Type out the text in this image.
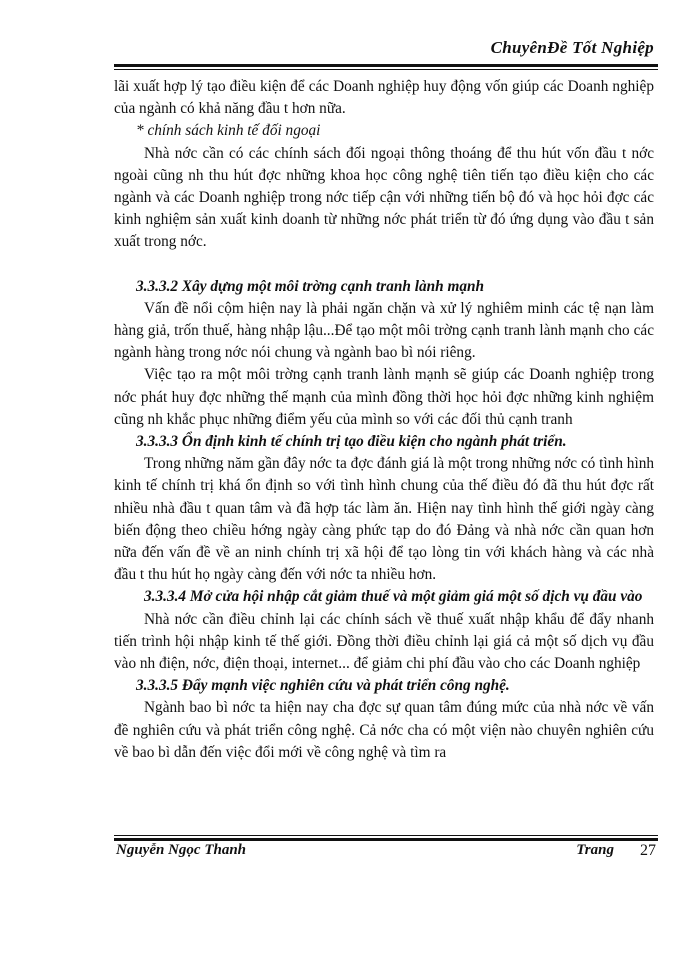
ChuyênĐề Tốt Nghiệp

lãi xuất hợp lý tạo điều kiện để các Doanh nghiệp huy động vốn giúp các Doanh nghiệp của ngành có khả năng đầu t hơn nữa.

* chính sách kinh tế đối ngoại

Nhà nớc cần có các chính sách đối ngoại thông thoáng để thu hút vốn đầu t nớc ngoài cũng nh thu hút đợc những khoa học công nghệ tiên tiến tạo điều kiện cho các ngành và các Doanh nghiệp trong nớc tiếp cận với những tiến bộ đó và học hỏi đợc các kinh nghiệm sản xuất kinh doanh từ những nớc phát triển từ đó ứng dụng vào đầu t sản xuất trong nớc.

3.3.3.2 Xây dựng một môi trờng cạnh tranh lành mạnh

Vấn đề nổi cộm hiện nay là phải ngăn chặn và xử lý nghiêm minh các tệ nạn làm hàng giả, trốn thuế, hàng nhập lậu...Để tạo một môi trờng cạnh tranh lành mạnh cho các ngành hàng trong nớc nói chung và ngành bao bì nói riêng.

Việc tạo ra một môi trờng cạnh tranh lành mạnh sẽ giúp các Doanh nghiệp trong nớc phát huy đợc những thế mạnh của mình đồng thời học hỏi đợc những kinh nghiệm cũng nh khắc phục những điểm yếu của mình so với các đối thủ cạnh tranh

3.3.3.3 Ổn định kinh tế chính trị tạo điều kiện cho ngành phát triển.

Trong những năm gần đây nớc ta đợc đánh giá là một trong những nớc có tình hình kinh tế chính trị khá ổn định so với tình hình chung của thế điều đó đã thu hút đợc rất nhiều nhà đầu t quan tâm và đã hợp tác làm ăn. Hiện nay tình hình thế giới ngày càng biến động theo chiều hớng ngày càng phức tạp do đó Đảng và nhà nớc cần quan hơn nữa đến vấn đề về an ninh chính trị xã hội để tạo lòng tin với khách hàng và các nhà đầu t thu hút họ ngày càng đến với nớc ta nhiều hơn.

3.3.3.4 Mở cửa hội nhập cắt giảm thuế và một giảm giá một số dịch vụ đầu vào

Nhà nớc cần điều chỉnh lại các chính sách về thuế xuất nhập khẩu để đẩy nhanh tiến trình hội nhập kinh tế thế giới. Đồng thời điều chỉnh lại giá cả một số dịch vụ đầu vào nh điện, nớc, điện thoại, internet... để giảm chi phí đầu vào cho các Doanh nghiệp

3.3.3.5 Đẩy mạnh việc nghiên cứu và phát triển công nghệ.

Ngành bao bì nớc ta hiện nay cha đợc sự quan tâm đúng mức của nhà nớc về vấn đề nghiên cứu và phát triển công nghệ. Cả nớc cha có một viện nào chuyên nghiên cứu về bao bì dẫn đến việc đổi mới về công nghệ và tìm ra

Nguyễn Ngọc Thanh	Trang 27
